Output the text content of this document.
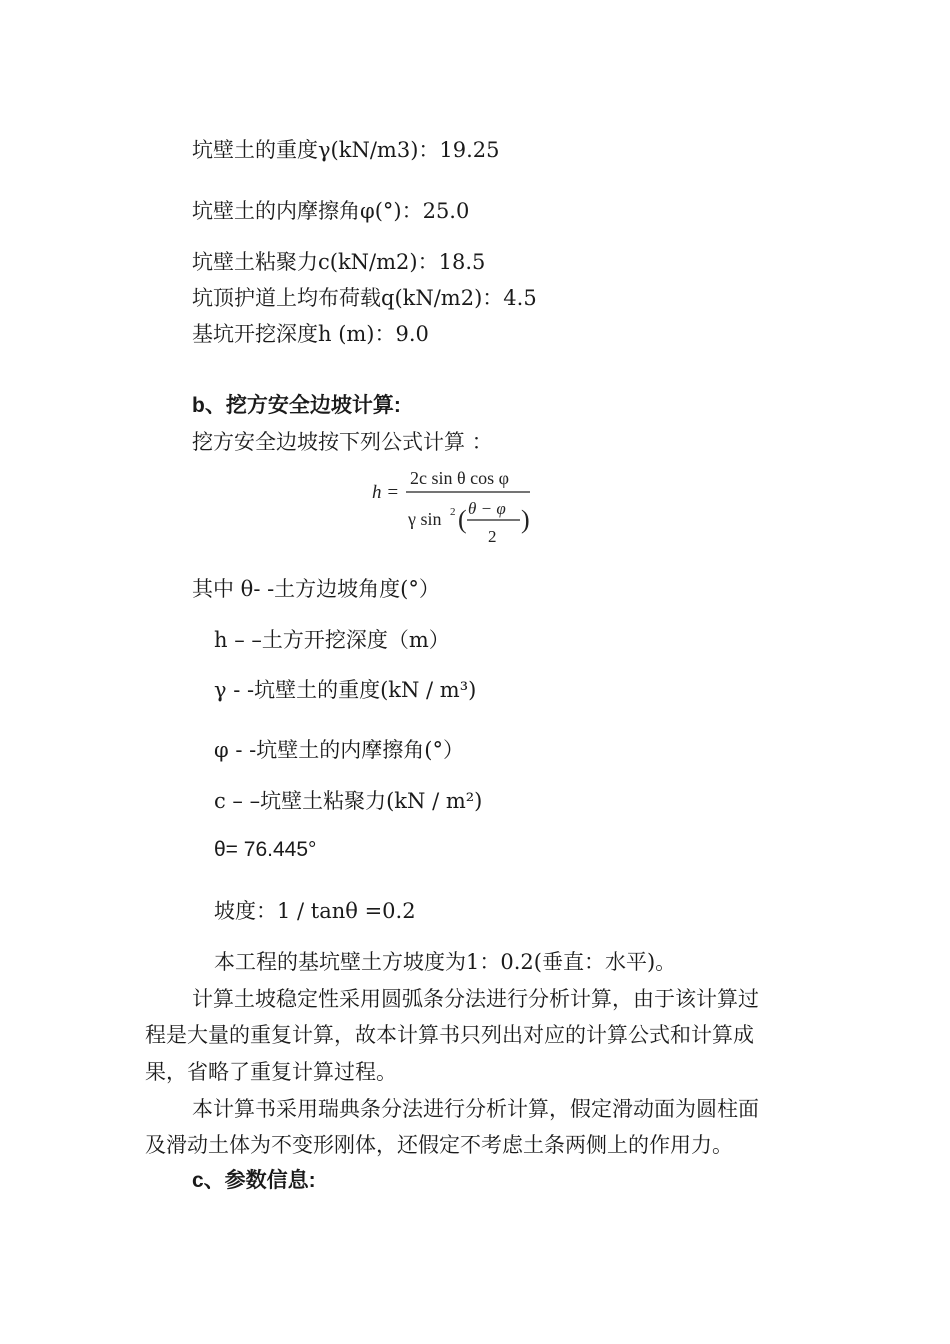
坑壁土的重度γ(kN/m3)：19.25
坑壁土的内摩擦角φ(°)：25.0
坑壁土粘聚力c(kN/m2)：18.5
坑顶护道上均布荷载q(kN/m2)：4.5
基坑开挖深度h (m)：9.0
b、挖方安全边坡计算:
挖方安全边坡按下列公式计算 ：
h =
2c sin θ cos φ
γ sin 2 ( θ − φ
2
)
其中 θ- -土方边坡角度(°）
h – –土方开挖深度（m）
γ - -坑壁土的重度(kN / m³)
φ - -坑壁土的内摩擦角(°）
c – –坑壁土粘聚力(kN / m²)
θ= 76.445°
坡度：1 / tanθ =0.2
本工程的基坑壁土方坡度为1：0.2(垂直：水平)。
计算土坡稳定性采用圆弧条分法进行分析计算，由于该计算过
程是大量的重复计算，故本计算书只列出对应的计算公式和计算成
果，省略了重复计算过程。
本计算书采用瑞典条分法进行分析计算，假定滑动面为圆柱面
及滑动土体为不变形刚体，还假定不考虑土条两侧上的作用力。
c、参数信息:
